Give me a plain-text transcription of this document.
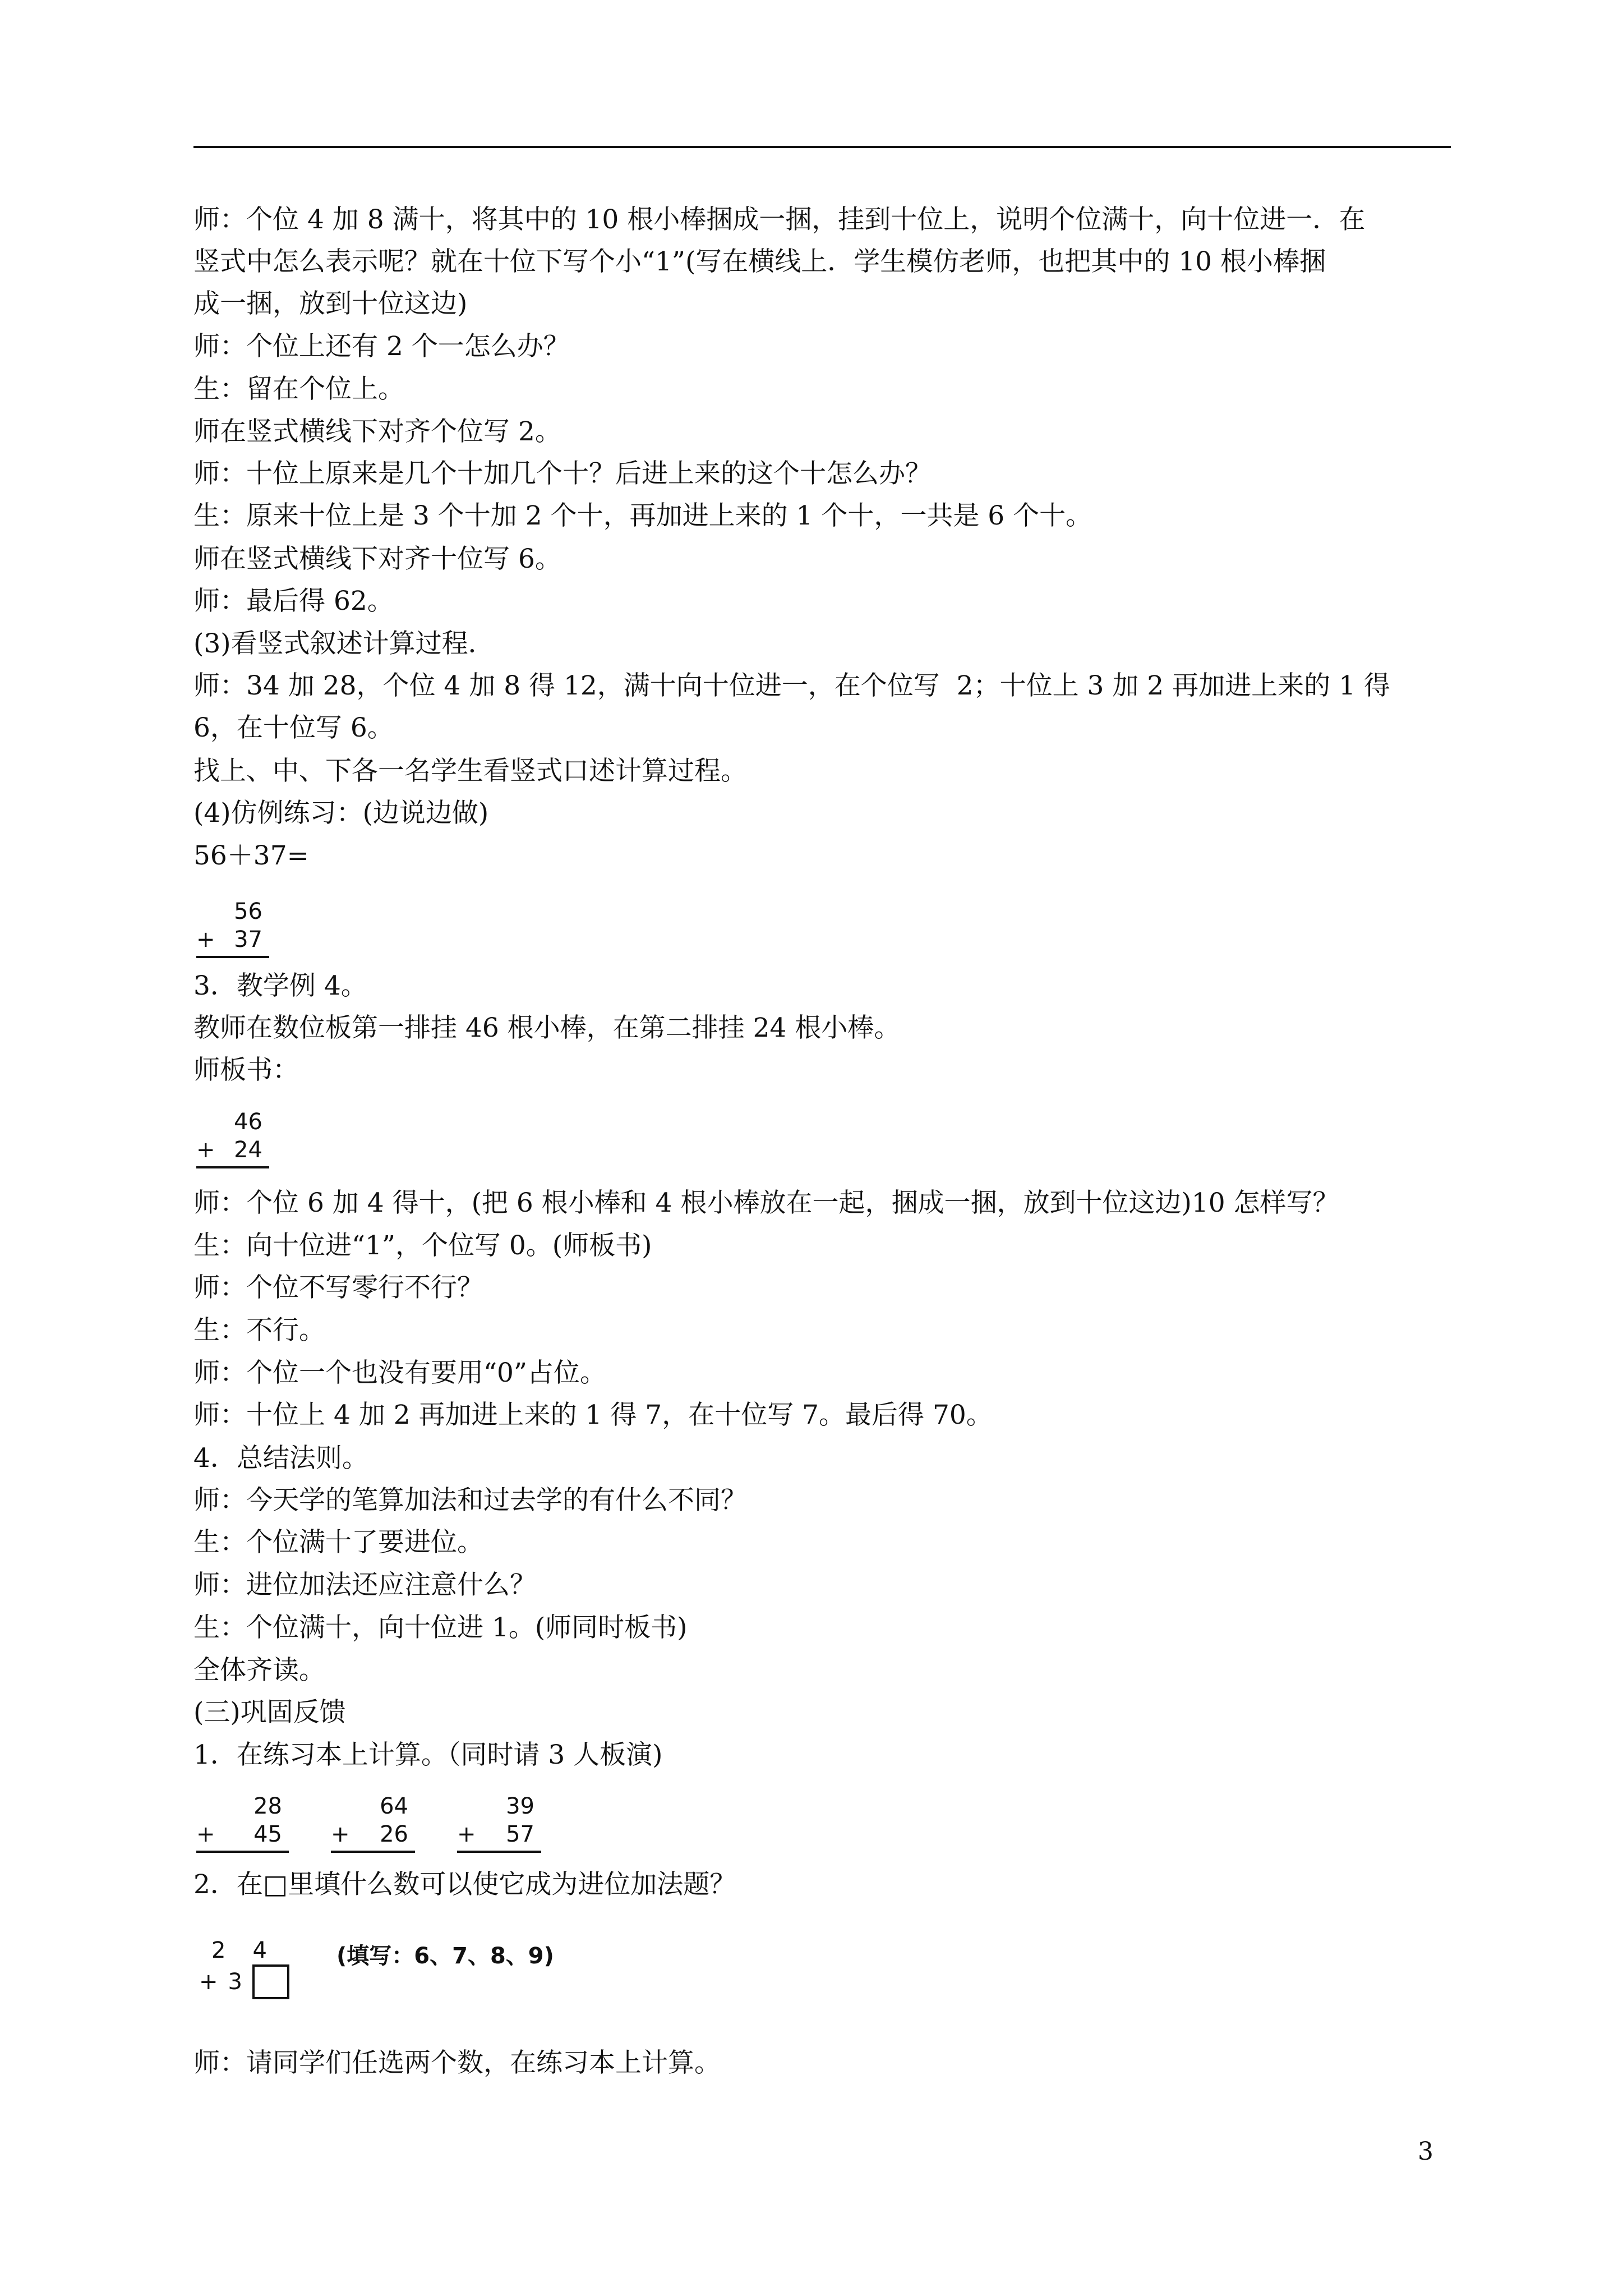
师：个位 4 加 8 满十，将其中的 10 根小棒捆成一捆，挂到十位上，说明个位满十，向十位进一．在

竖式中怎么表示呢？就在十位下写个小“1”(写在横线上．学生模仿老师，也把其中的 10 根小棒捆

成一捆，放到十位这边)

师：个位上还有 2 个一怎么办？

生：留在个位上。

师在竖式横线下对齐个位写 2。

师：十位上原来是几个十加几个十？后进上来的这个十怎么办？

生：原来十位上是 3 个十加 2 个十，再加进上来的 1 个十，一共是 6 个十。

师在竖式横线下对齐十位写 6。

师：最后得 62。

(3)看竖式叙述计算过程．

师：34 加 28，个位 4 加 8 得 12，满十向十位进一，在个位写  2；十位上 3 加 2 再加进上来的 1 得

6，在十位写 6。

找上、中、下各一名学生看竖式口述计算过程。

(4)仿例练习：(边说边做)

56＋37=

56
+ 37

3．教学例 4。

教师在数位板第一排挂 46 根小棒，在第二排挂 24 根小棒。

师板书：

46
+ 24

师：个位 6 加 4 得十，(把 6 根小棒和 4 根小棒放在一起，捆成一捆，放到十位这边)10 怎样写？

生：向十位进“1”，个位写 0。(师板书)

师：个位不写零行不行？

生：不行。

师：个位一个也没有要用“0”占位。

师：十位上 4 加 2 再加进上来的 1 得 7，在十位写 7。最后得 70。

4．总结法则。

师：今天学的笔算加法和过去学的有什么不同？

生：个位满十了要进位。

师：进位加法还应注意什么？

生：个位满十，向十位进 1。(师同时板书)

全体齐读。

(三)巩固反馈

1．在练习本上计算。（同时请 3 人板演)

28
+ 45
64
+ 26
39
+ 57

2．在□里填什么数可以使它成为进位加法题？

2 4
+ 3
(填写：6、7、8、9)

师：请同学们任选两个数，在练习本上计算。

3
